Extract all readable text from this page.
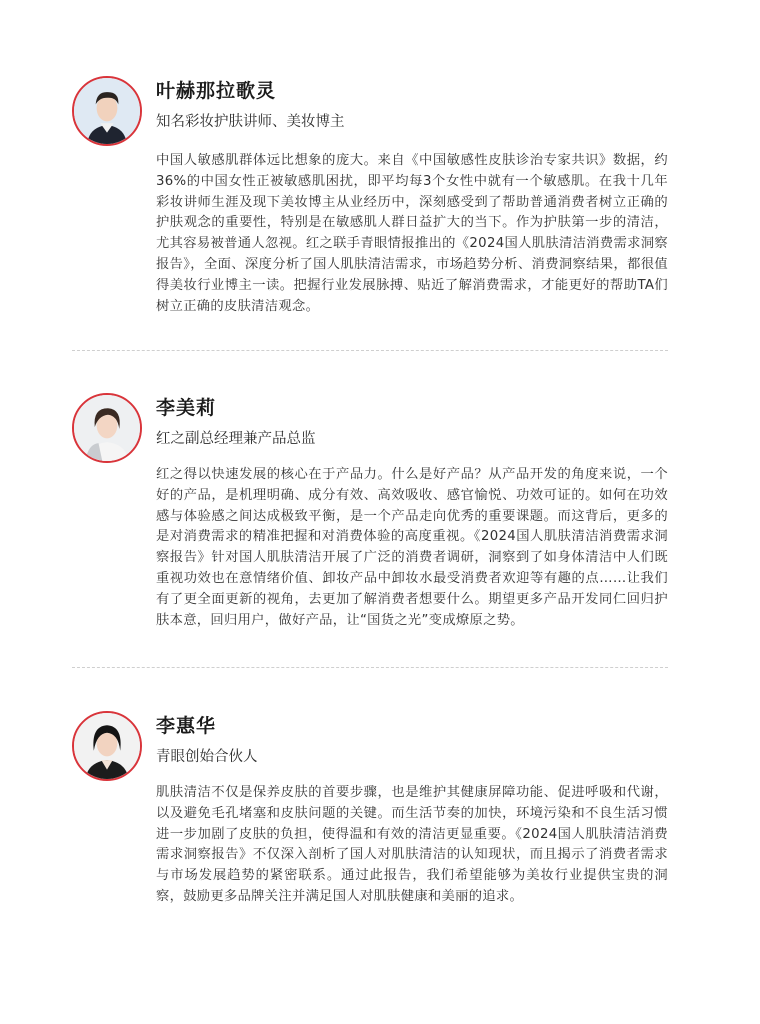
叶赫那拉歌灵
知名彩妆护肤讲师、美妆博主
中国人敏感肌群体远比想象的庞大。来自《中国敏感性皮肤诊治专家共识》数据，约36%的中国女性正被敏感肌困扰，即平均每3个女性中就有一个敏感肌。在我十几年彩妆讲师生涯及现下美妆博主从业经历中，深刻感受到了帮助普通消费者树立正确的护肤观念的重要性，特别是在敏感肌人群日益扩大的当下。作为护肤第一步的清洁，尤其容易被普通人忽视。红之联手青眼情报推出的《2024国人肌肤清洁消费需求洞察报告》，全面、深度分析了国人肌肤清洁需求，市场趋势分析、消费洞察结果，都很值得美妆行业博主一读。把握行业发展脉搏、贴近了解消费需求，才能更好的帮助TA们树立正确的皮肤清洁观念。
李美莉
红之副总经理兼产品总监
红之得以快速发展的核心在于产品力。什么是好产品？从产品开发的角度来说，一个好的产品，是机理明确、成分有效、高效吸收、感官愉悦、功效可证的。如何在功效感与体验感之间达成极致平衡，是一个产品走向优秀的重要课题。而这背后，更多的是对消费需求的精准把握和对消费体验的高度重视。《2024国人肌肤清洁消费需求洞察报告》针对国人肌肤清洁开展了广泛的消费者调研，洞察到了如身体清洁中人们既重视功效也在意情绪价值、卸妆产品中卸妆水最受消费者欢迎等有趣的点……让我们有了更全面更新的视角，去更加了解消费者想要什么。期望更多产品开发同仁回归护肤本意，回归用户，做好产品，让“国货之光”变成燎原之势。
李惠华
青眼创始合伙人
肌肤清洁不仅是保养皮肤的首要步骤，也是维护其健康屏障功能、促进呼吸和代谢，以及避免毛孔堵塞和皮肤问题的关键。而生活节奏的加快，环境污染和不良生活习惯进一步加剧了皮肤的负担，使得温和有效的清洁更显重要。《2024国人肌肤清洁消费需求洞察报告》不仅深入剖析了国人对肌肤清洁的认知现状，而且揭示了消费者需求与市场发展趋势的紧密联系。通过此报告，我们希望能够为美妆行业提供宝贵的洞察，鼓励更多品牌关注并满足国人对肌肤健康和美丽的追求。
